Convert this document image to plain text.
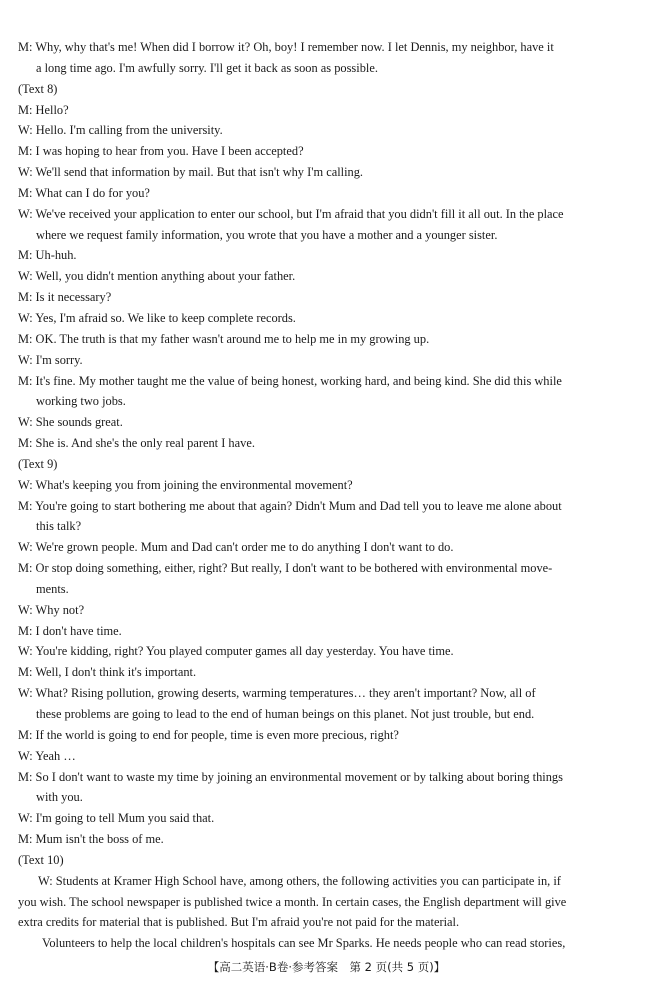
M: Why, why that's me! When did I borrow it? Oh, boy! I remember now. I let Dennis, my neighbor, have it
a long time ago. I'm awfully sorry. I'll get it back as soon as possible.
(Text 8)
M: Hello?
W: Hello. I'm calling from the university.
M: I was hoping to hear from you. Have I been accepted?
W: We'll send that information by mail. But that isn't why I'm calling.
M: What can I do for you?
W: We've received your application to enter our school, but I'm afraid that you didn't fill it all out. In the place
where we request family information, you wrote that you have a mother and a younger sister.
M: Uh-huh.
W: Well, you didn't mention anything about your father.
M: Is it necessary?
W: Yes, I'm afraid so. We like to keep complete records.
M: OK. The truth is that my father wasn't around me to help me in my growing up.
W: I'm sorry.
M: It's fine. My mother taught me the value of being honest, working hard, and being kind. She did this while
working two jobs.
W: She sounds great.
M: She is. And she's the only real parent I have.
(Text 9)
W: What's keeping you from joining the environmental movement?
M: You're going to start bothering me about that again? Didn't Mum and Dad tell you to leave me alone about
this talk?
W: We're grown people. Mum and Dad can't order me to do anything I don't want to do.
M: Or stop doing something, either, right? But really, I don't want to be bothered with environmental move-
ments.
W: Why not?
M: I don't have time.
W: You're kidding, right? You played computer games all day yesterday. You have time.
M: Well, I don't think it's important.
W: What? Rising pollution, growing deserts, warming temperatures… they aren't important? Now, all of
these problems are going to lead to the end of human beings on this planet. Not just trouble, but end.
M: If the world is going to end for people, time is even more precious, right?
W: Yeah …
M: So I don't want to waste my time by joining an environmental movement or by talking about boring things
with you.
W: I'm going to tell Mum you said that.
M: Mum isn't the boss of me.
(Text 10)
W: Students at Kramer High School have, among others, the following activities you can participate in, if
you wish. The school newspaper is published twice a month. In certain cases, the English department will give
extra credits for material that is published. But I'm afraid you're not paid for the material.
Volunteers to help the local children's hospitals can see Mr Sparks. He needs people who can read stories,
【高二英语·B卷·参考答案　第 2 页(共 5 页)】
